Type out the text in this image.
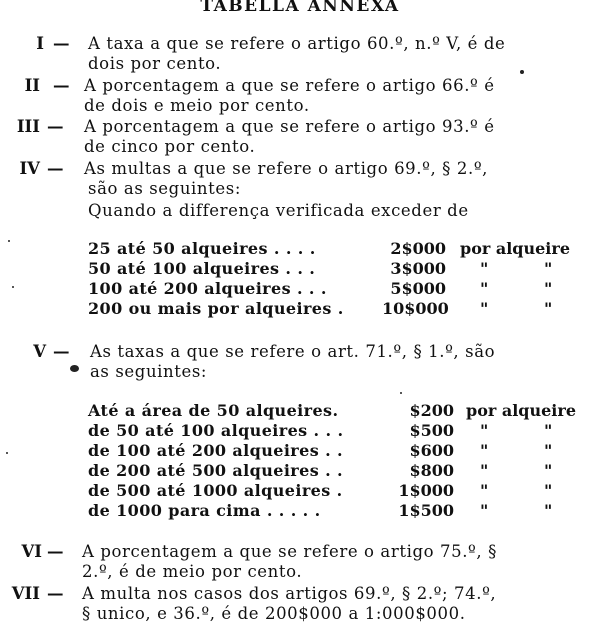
TABELLA ANNEXA
I — A taxa a que se refere o artigo 60.º, n.º V, é de
dois por cento.
II — A porcentagem a que se refere o artigo 66.º é
de dois e meio por cento.
III — A porcentagem a que se refere o artigo 93.º é
de cinco por cento.
IV — As multas a que se refere o artigo 69.º, § 2.º,
são as seguintes:
Quando a differença verificada exceder de
25 até 50 alqueires . . . .	2$000 por alqueire
50 até 100 alqueires . . .	3$000 "          "
100 até 200 alqueires . . .	5$000 "          "
200 ou mais por alqueires . 10$000 "          "
V — As taxas a que se refere o art. 71.º, § 1.º, são
as seguintes:
Até a área de 50 alqueires.	$200 por alqueire
de 50 até 100 alqueires . . .	$500 "          "
de 100 até 200 alqueires . .	$600 "          "
de 200 até 500 alqueires . .	$800 "          "
de 500 até 1000 alqueires .	1$000 "          "
de 1000 para cima . . . . .	1$500 "          "
VI — A porcentagem a que se refere o artigo 75.º, §
2.º, é de meio por cento.
VII — A multa nos casos dos artigos 69.º, § 2.º; 74.º,
§ unico, e 36.º, é de 200$000 a 1:000$000.
